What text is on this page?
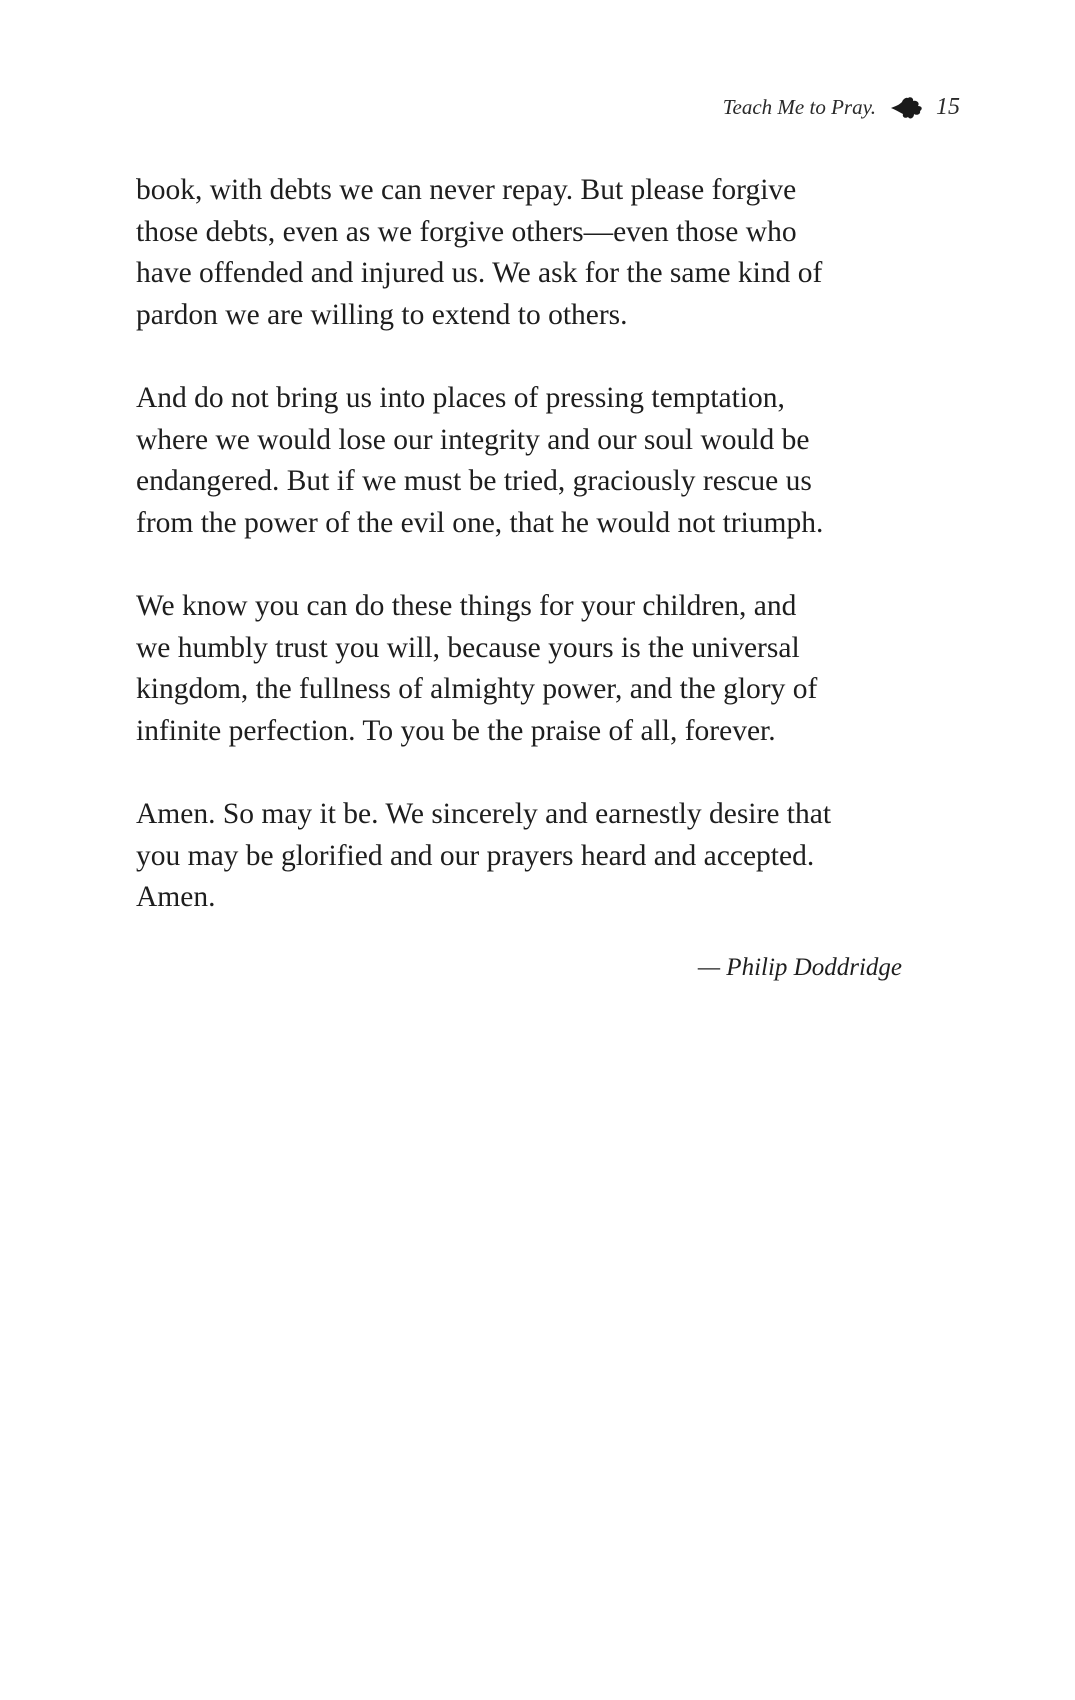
Teach Me to Pray.	15

book, with debts we can never repay. But please forgive
those debts, even as we forgive others—even those who
have offended and injured us. We ask for the same kind of
pardon we are willing to extend to others.

And do not bring us into places of pressing temptation,
where we would lose our integrity and our soul would be
endangered. But if we must be tried, graciously rescue us
from the power of the evil one, that he would not triumph.

We know you can do these things for your children, and
we humbly trust you will, because yours is the universal
kingdom, the fullness of almighty power, and the glory of
infinite perfection. To you be the praise of all, forever.

Amen. So may it be. We sincerely and earnestly desire that
you may be glorified and our prayers heard and accepted.
Amen.

— Philip Doddridge
